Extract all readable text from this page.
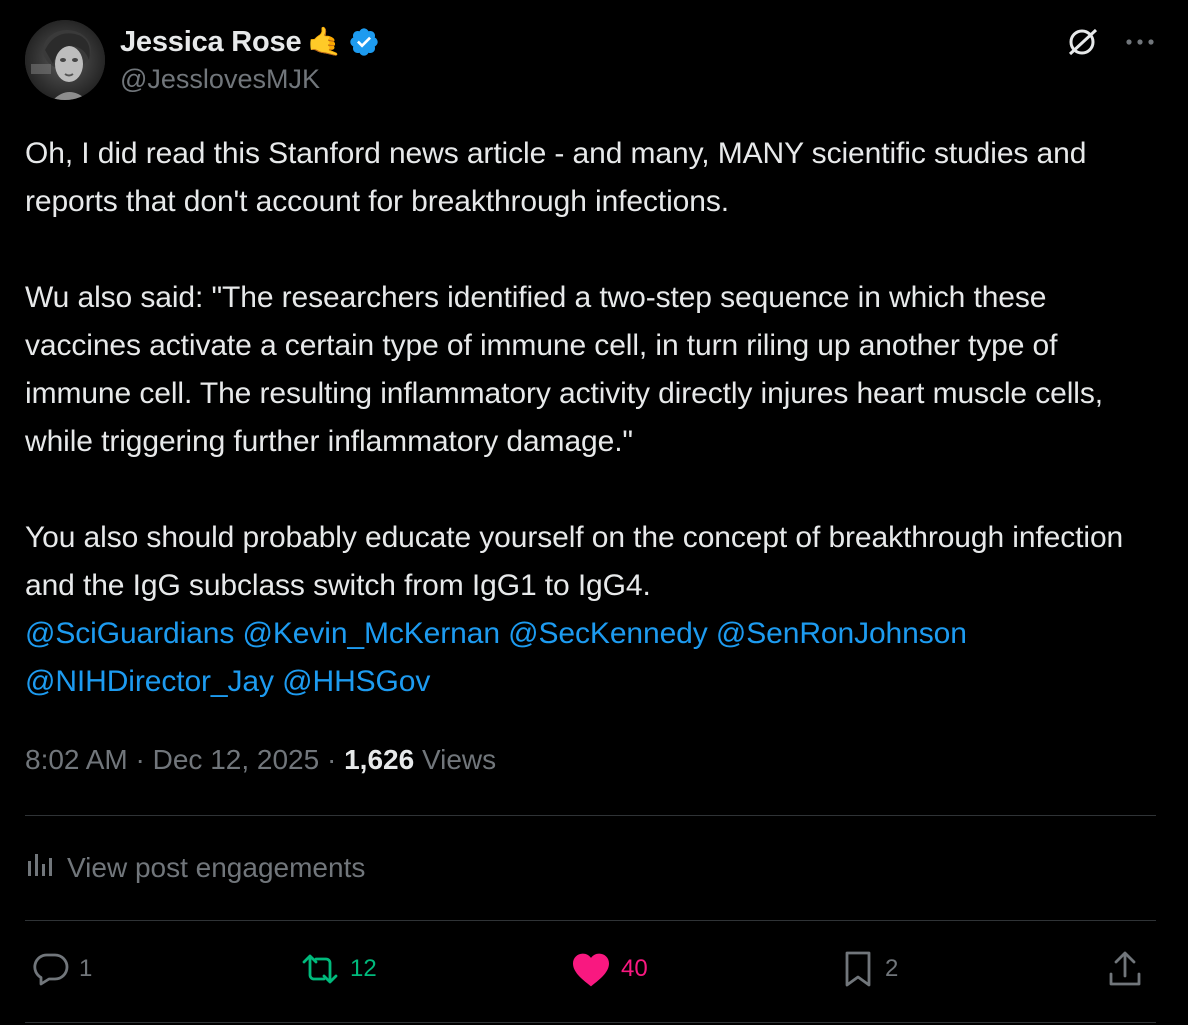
Jessica Rose 🤙
@JesslovesMJK

Oh, I did read this Stanford news article - and many, MANY scientific studies and reports that don't account for breakthrough infections.

Wu also said: "The researchers identified a two-step sequence in which these vaccines activate a certain type of immune cell, in turn riling up another type of immune cell. The resulting inflammatory activity directly injures heart muscle cells, while triggering further inflammatory damage."

You also should probably educate yourself on the concept of breakthrough infection and the IgG subclass switch from IgG1 to IgG4.

@SciGuardians @Kevin_McKernan @SecKennedy @SenRonJohnson
@NIHDirector_Jay @HHSGov

8:02 AM · Dec 12, 2025 · 1,626 Views
View post engagements
1	12	40	2
